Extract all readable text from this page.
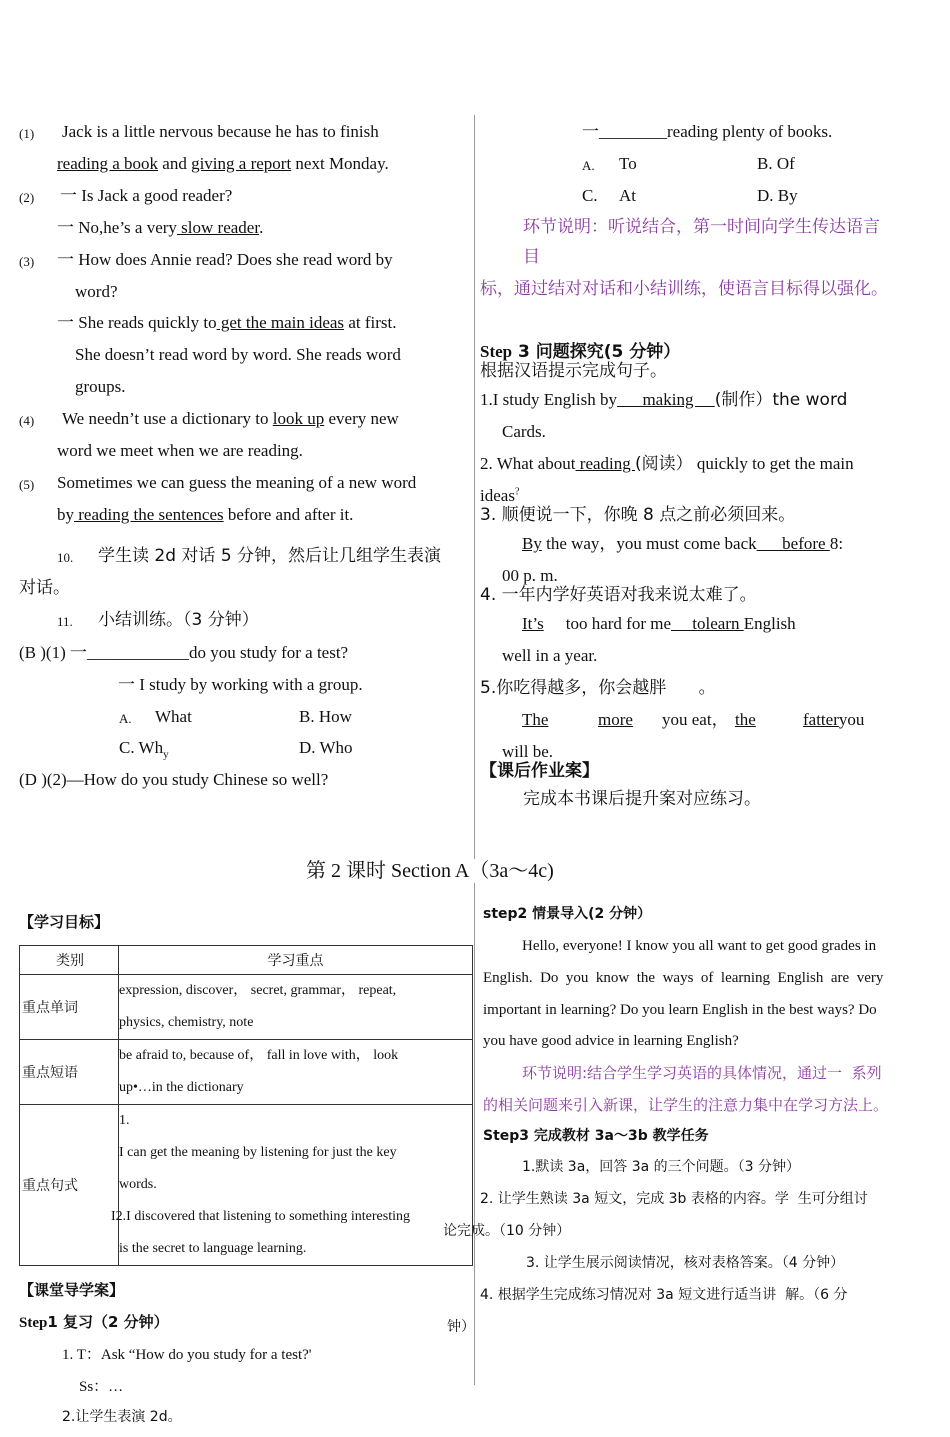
(1) Jack is a little nervous because he has to finish
reading a book and giving a report next Monday.
(2) 一 Is Jack a good reader?
一 No,he’s a very slow reader.
(3) 一 How does Annie read? Does she read word by
word?
一 She reads quickly to get the main ideas at first.
She doesn’t read word by word. She reads word
groups.
(4) We needn’t use a dictionary to look up every new
word we meet when we are reading.
(5) Sometimes we can guess the meaning of a new word
by reading the sentences before and after it.
10. 学生读 2d 对话 5 分钟，然后让几组学生表演
对话。
11. 小结训练。（3 分钟）
(B )(1) 一____________do you study for a test?
一 I study by working with a group.
A. What	B. How
C. $Wh_y$	D. Who
(D )(2)—How do you study Chinese so well?
一________reading plenty of books.
A. To	B. Of
C. At	D. By
环节说明：听说结合，第一时间向学生传达语言
目
标，通过结对对话和小结训练，使语言目标得以强化。
Step 3 问题探究(5 分钟）
根据汉语提示完成句子。
1.I study English by      making     (制作）the word
Cards.
2. What about reading (阅读） quickly to get the main
ideas?
3. 顺便说一下，你晚 8 点之前必须回来。
By the way，you must come back      before 8:
00 p. m.
4. 一年内学好英语对我来说太难了。
It’s too hard for me     tolearn English
well in a year.
5.你吃得越多，你会越胖      。
The	more you eat， the	fatteryou
will be.
【课后作业案】
完成本书课后提升案对应练习。
第 2 课时 Section A（3a～4c)
【学习目标】
类别	学习重点
重点单词	expression, discover， secret, grammar， repeat,
physics, chemistry, note

重点短语	be afraid to, because of， fall in love with， look
up•…in the dictionary

重点句式	1.
I can get the meaning by listening for just the key
words.
I2.I discovered that listening to something interesting
is the secret to language learning.
【课堂导学案】
Step1 复习（2 分钟）
1. T：Ask “How do you study for a test?'
Ss：…
2.让学生表演 2d。
step2 情景导入(2 分钟）
Hello, everyone! I know you all want to get good grades in
English.  Do  you  know  the  ways  of  learning  English  are  very
important in learning? Do you learn English in the best ways? Do
you have good advice in learning English?
环节说明:结合学生学习英语的具体情况，通过一  系列
的相关问题来引入新课，让学生的注意力集中在学习方法上。
Step3 完成教材 3a～3b 教学任务
1.默读 3a，回答 3a 的三个问题。（3 分钟）
2. 让学生熟读 3a 短文，完成 3b 表格的内容。学  生可分组讨
论完成。（10 分钟）
3. 让学生展示阅读情况，核对表格答案。（4 分钟）
4. 根据学生完成练习情况对 3a 短文进行适当讲  解。（6 分
钟）
